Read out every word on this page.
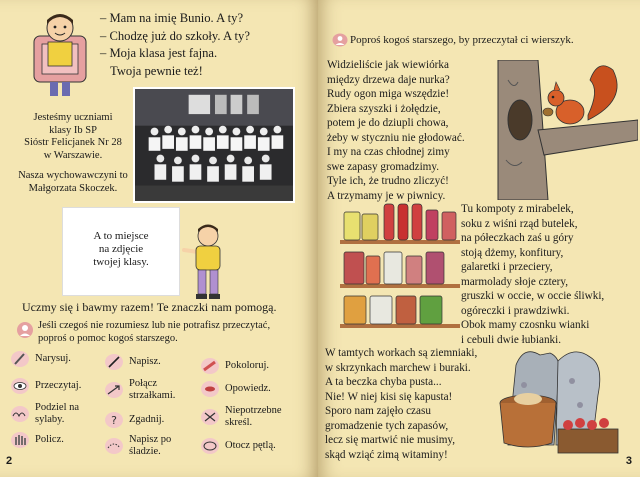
– Mam na imię Bunio. A ty?
– Chodzę już do szkoły. A ty?
– Moja klasa jest fajna.
Twoja pewnie też!
Jesteśmy uczniami
klasy Ib SP
Sióstr Felicjanek Nr 28
w Warszawie.
Nasza wychowawczyni to
Małgorzata Skoczek.
A to miejsce
na zdjęcie
twojej klasy.
Uczmy się i bawmy razem! Te znaczki nam pomogą.
Jeśli czegoś nie rozumiesz lub nie potrafisz przeczytać, poproś o pomoc kogoś starszego.
Narysuj.
Przeczytaj.
Podziel na sylaby.
Policz.
Napisz.
Połącz strzałkami.
? Zgadnij.
Napisz po śladzie.
Pokoloruj.
Opowiedz.
Niepotrzebne skreśl.
Otocz pętlą.
2
Poproś kogoś starszego, by przeczytał ci wierszyk.
Widzieliście jak wiewiórka
między drzewa daje nurka?
Rudy ogon miga wszędzie!
Zbiera szyszki i żołędzie,
potem je do dziupli chowa,
żeby w styczniu nie głodować.
I my na czas chłodnej zimy
swe zapasy gromadzimy.
Tyle ich, że trudno zliczyć!
A trzymamy je w piwnicy.
Tu kompoty z mirabelek,
soku z wiśni rząd butelek,
na półeczkach zaś u góry
stoją dżemy, konfitury,
galaretki i przeciery,
marmolady słoje cztery,
gruszki w occie, w occie śliwki,
ogóreczki i prawdziwki.
Obok mamy czosnku wianki
i cebuli dwie łubianki.
W tamtych workach są ziemniaki,
w skrzynkach marchew i buraki.
A ta beczka chyba pusta...
Nie! W niej kisi się kapusta!
Sporo nam zajęło czasu
gromadzenie tych zapasów,
lecz się martwić nie musimy,
skąd wziąć zimą witaminy!
3
